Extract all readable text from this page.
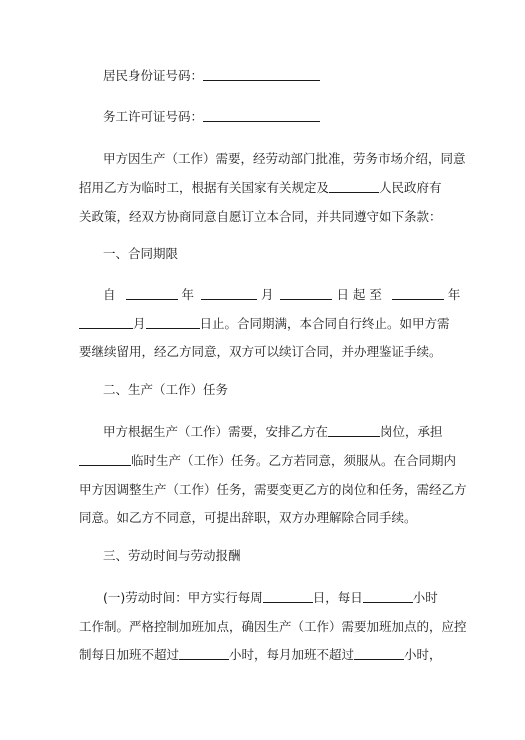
居民身份证号码：
务工许可证号码：
甲方因生产（工作）需要，经劳动部门批准，劳务市场介绍，同意
招用乙方为临时工，根据有关国家有关规定及	人民政府有
关政策，经双方协商同意自愿订立本合同，并共同遵守如下条款：
一、合同期限
自	年	月	日 起 至	年
月	日止。合同期满，本合同自行终止。如甲方需
要继续留用，经乙方同意，双方可以续订合同，并办理鉴证手续。
二、生产（工作）任务
甲方根据生产（工作）需要，安排乙方在	岗位，承担
临时生产（工作）任务。乙方若同意，须服从。在合同期内
甲方因调整生产（工作）任务，需要变更乙方的岗位和任务，需经乙方
同意。如乙方不同意，可提出辞职，双方办理解除合同手续。
三、劳动时间与劳动报酬
(一)劳动时间：甲方实行每周	日，每日	小时
工作制。严格控制加班加点，确因生产（工作）需要加班加点的，应控
制每日加班不超过	小时，每月加班不超过	小时，
